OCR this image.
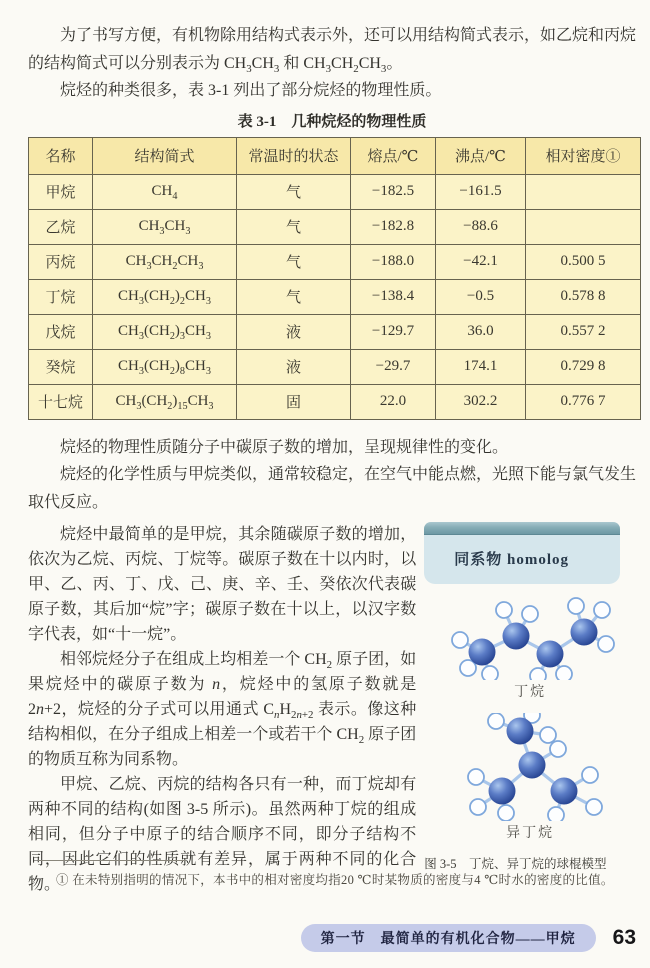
为了书写方便，有机物除用结构式表示外，还可以用结构简式表示，如乙烷和丙烷的结构简式可以分别表示为 $CH_3CH_3$ 和 $CH_3CH_2CH_3$。

烷烃的种类很多，表 3-1 列出了部分烷烃的物理性质。

表 3-1　几种烷烃的物理性质
名称	结构简式	常温时的状态	熔点/℃	沸点/℃	相对密度①
甲烷	$CH_4$	气	−182.5	−161.5	
乙烷	$CH_3CH_3$	气	−182.8	−88.6	
丙烷	$CH_3CH_2CH_3$	气	−188.0	−42.1	0.500 5
丁烷	$CH_3(CH_2)_2CH_3$	气	−138.4	−0.5	0.578 8
戊烷	$CH_3(CH_2)_3CH_3$	液	−129.7	36.0	0.557 2
癸烷	$CH_3(CH_2)_8CH_3$	液	−29.7	174.1	0.729 8
十七烷	$CH_3(CH_2)_{15}CH_3$	固	22.0	302.2	0.776 7

烷烃的物理性质随分子中碳原子数的增加，呈现规律性的变化。

烷烃的化学性质与甲烷类似，通常较稳定，在空气中能点燃，光照下能与氯气发生取代反应。

烷烃中最简单的是甲烷，其余随碳原子数的增加，依次为乙烷、丙烷、丁烷等。碳原子数在十以内时，以甲、乙、丙、丁、戊、己、庚、辛、壬、癸依次代表碳原子数，其后加“烷”字；碳原子数在十以上，以汉字数字代表，如“十一烷”。

相邻烷烃分子在组成上均相差一个 $CH_2$ 原子团，如果烷烃中的碳原子数为 n，烷烃中的氢原子数就是 2n+2，烷烃的分子式可以用通式 $C_nH_{2n+2}$ 表示。像这种结构相似，在分子组成上相差一个或若干个 $CH_2$ 原子团的物质互称为同系物。

甲烷、乙烷、丙烷的结构各只有一种，而丁烷却有两种不同的结构(如图 3-5 所示)。虽然两种丁烷的组成相同，但分子中原子的结合顺序不同，即分子结构不同，因此它们的性质就有差异，属于两种不同的化合物。

同系物 homolog
丁烷
异丁烷
图 3-5　丁烷、异丁烷的球棍模型
① 在未特别指明的情况下，本书中的相对密度均指20 ℃时某物质的密度与4 ℃时水的密度的比值。
第一节　最简单的有机化合物——甲烷	63
